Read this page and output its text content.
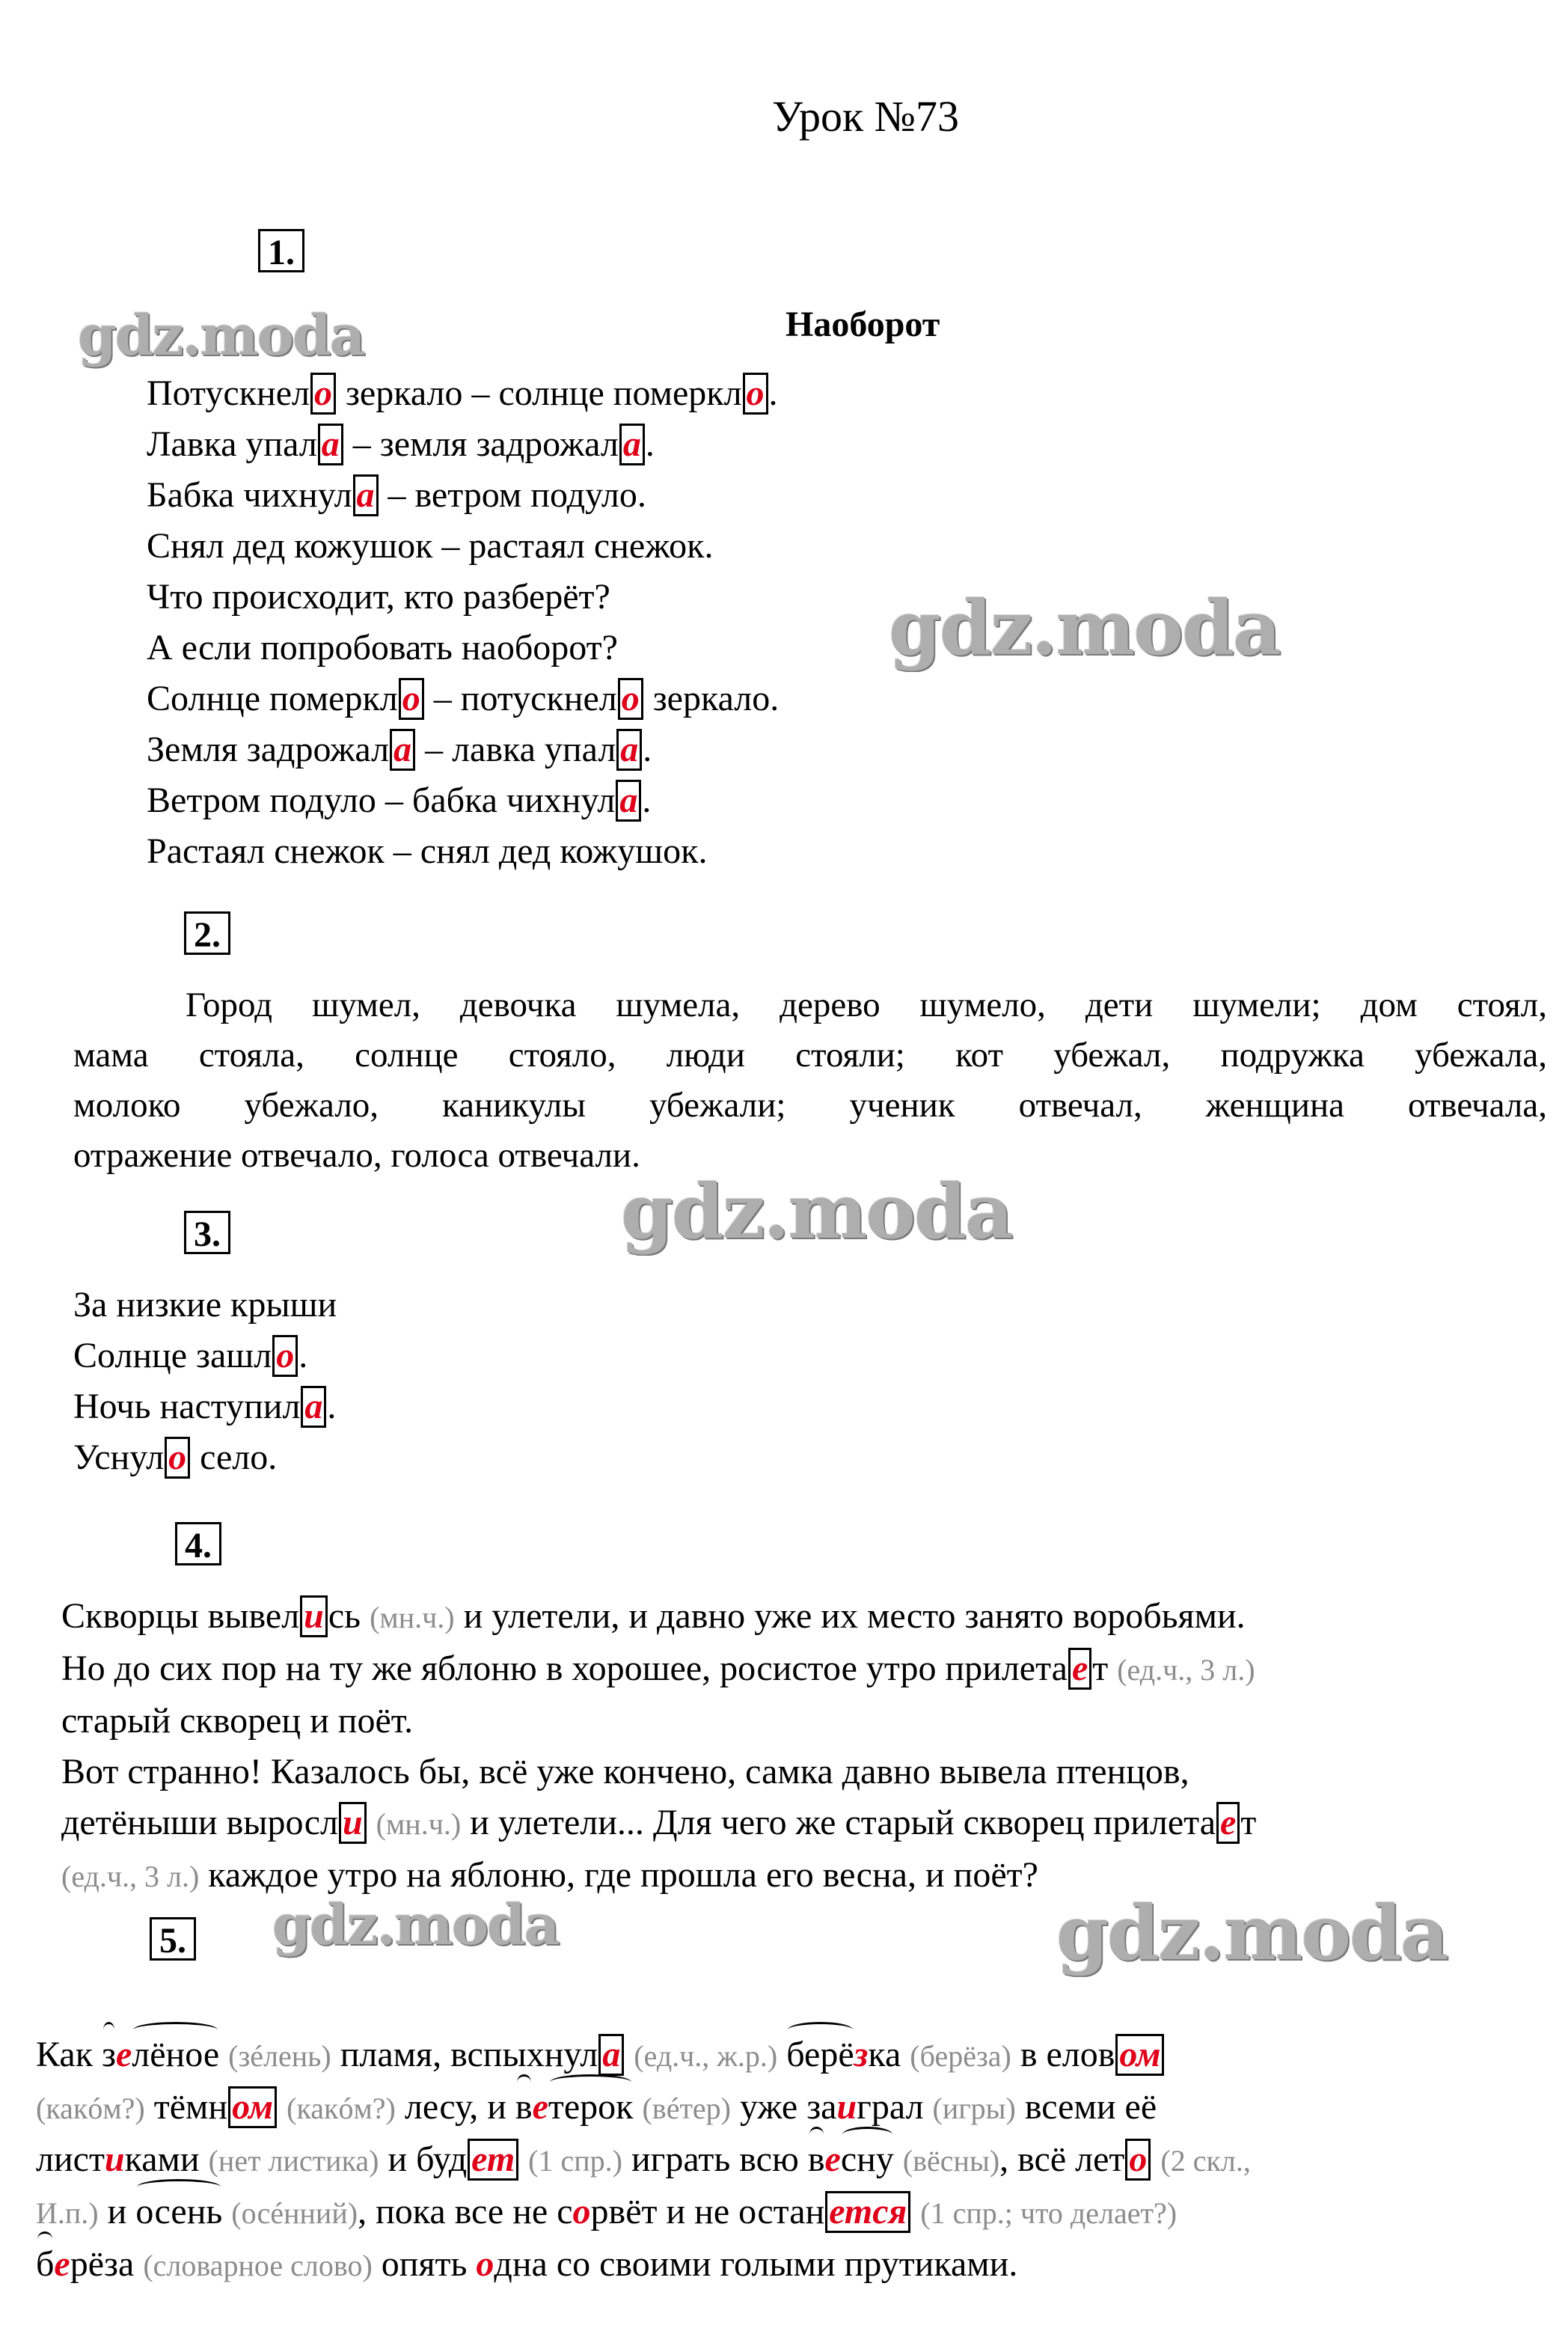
Урок №73
1.
Наоборот
Потускнел о зеркало – солнце померкл о .
Лавка упал а – земля задрожал а .
Бабка чихнул а – ветром подуло.
Снял дед кожушок – растаял снежок.
Что происходит, кто разберёт?
А если попробовать наоборот?
Солнце померкл о – потускнел о зеркало.
Земля задрожал а – лавка упал а .
Ветром подуло – бабка чихнул а .
Растаял снежок – снял дед кожушок.
2.
Город шумел, девочка шумела, дерево шумело, дети шумели; дом стоял,
мама стояла, солнце стояло, люди стояли; кот убежал, подружка убежала,
молоко убежало, каникулы убежали; ученик отвечал, женщина отвечала,
отражение отвечало, голоса отвечали.
3.
За низкие крыши
Солнце зашл о .
Ночь наступил а .
Уснул о село.
4.
Скворцы вывел и сь (мн.ч.) и улетели, и давно уже их место занято воробьями.
Но до сих пор на ту же яблоню в хорошее, росистое утро прилета е т (ед.ч., 3 л.)
старый скворец и поёт.
Вот странно! Казалось бы, всё уже кончено, самка давно вывела птенцов,
детёныши выросл и (мн.ч.) и улетели... Для чего же старый скворец прилета е т
(ед.ч., 3 л.) каждое утро на яблоню, где прошла его весна, и поёт?
5.
Как зелёное (зéлень) пламя, вспыхнул а (ед.ч., ж.р.) берёзка (берёза) в елов ом
(какóм?) тёмн ом (какóм?) лесу, и ветерок (вéтер) уже заиграл (игры) всеми её
листиками (нет листика) и буд ет (1 спр.) играть всю весну (вёсны), всё лет о (2 скл.,
И.п.) и осень (осéнний), пока все не сорвёт и не остан ется (1 спр.; что делает?)
берёза (словарное слово) опять одна со своими голыми прутиками.
gdz.moda
gdz.moda
gdz.moda
gdz.moda	gdz.moda
